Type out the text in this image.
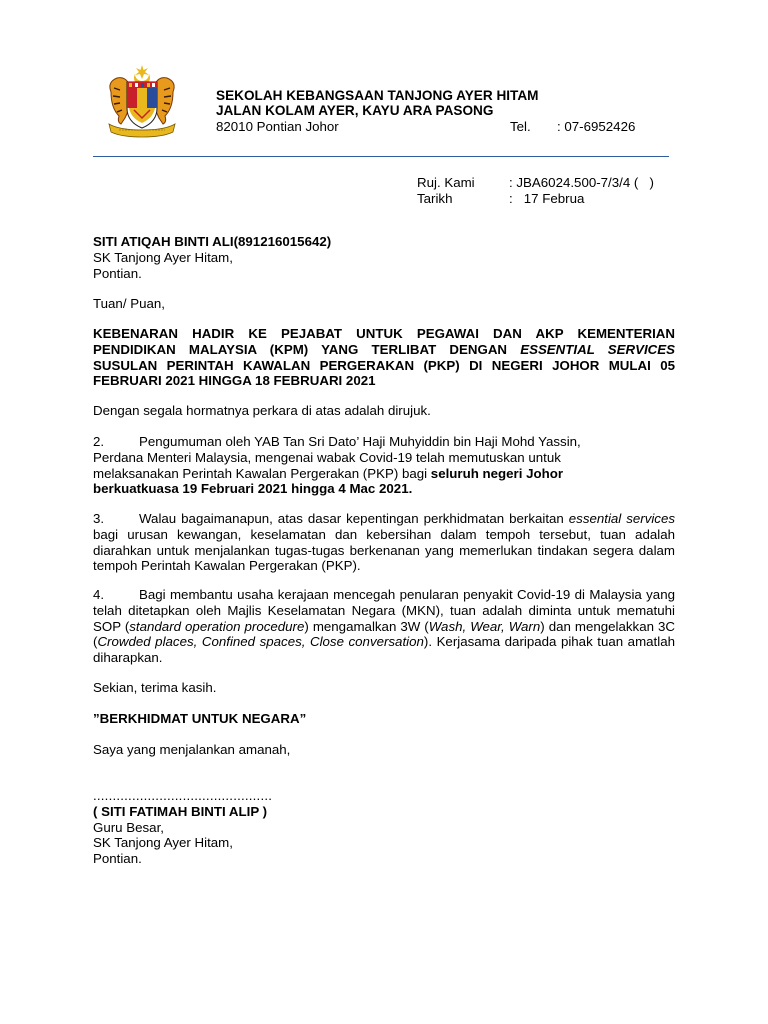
SEKOLAH KEBANGSAAN TANJONG AYER HITAM
JALAN KOLAM AYER, KAYU ARA PASONG
82010 Pontian Johor	Tel. : 07-6952426
Ruj. Kami	: JBA6024.500-7/3/4 (   )
Tarikh	:   17 Februa

SITI ATIQAH BINTI ALI(891216015642)

SK Tanjong Ayer Hitam,

Pontian.

Tuan/ Puan,
KEBENARAN HADIR KE PEJABAT UNTUK PEGAWAI DAN AKP KEMENTERIAN PENDIDIKAN MALAYSIA (KPM) YANG TERLIBAT DENGAN ESSENTIAL SERVICES SUSULAN PERINTAH KAWALAN PERGERAKAN (PKP) DI NEGERI JOHOR MULAI 05 FEBRUARI 2021 HINGGA 18 FEBRUARI 2021
Dengan segala hormatnya perkara di atas adalah dirujuk.

2.	Pengumuman oleh YAB Tan Sri Dato’ Haji Muhyiddin bin Haji Mohd Yassin,

Perdana Menteri Malaysia, mengenai wabak Covid-19 telah memutuskan untuk

melaksanakan Perintah Kawalan Pergerakan (PKP) bagi seluruh negeri Johor

berkuatkuasa 19 Februari 2021 hingga 4 Mac 2021.

3.	Walau bagaimanapun, atas dasar kepentingan perkhidmatan berkaitan essential services bagi urusan kewangan, keselamatan dan kebersihan dalam tempoh tersebut, tuan adalah diarahkan untuk menjalankan tugas-tugas berkenanan yang memerlukan tindakan segera dalam tempoh Perintah Kawalan Pergerakan (PKP).
4.	Bagi membantu usaha kerajaan mencegah penularan penyakit Covid-19 di Malaysia yang telah ditetapkan oleh Majlis Keselamatan Negara (MKN), tuan adalah diminta untuk mematuhi SOP (standard operation procedure) mengamalkan 3W (Wash, Wear, Warn) dan mengelakkan 3C (Crowded places, Confined spaces, Close conversation). Kerjasama daripada pihak tuan amatlah diharapkan.
Sekian, terima kasih.
”BERKHIDMAT UNTUK NEGARA”
Saya yang menjalankan amanah,

..............................................

( SITI FATIMAH BINTI ALIP )

Guru Besar,

SK Tanjong Ayer Hitam,

Pontian.
